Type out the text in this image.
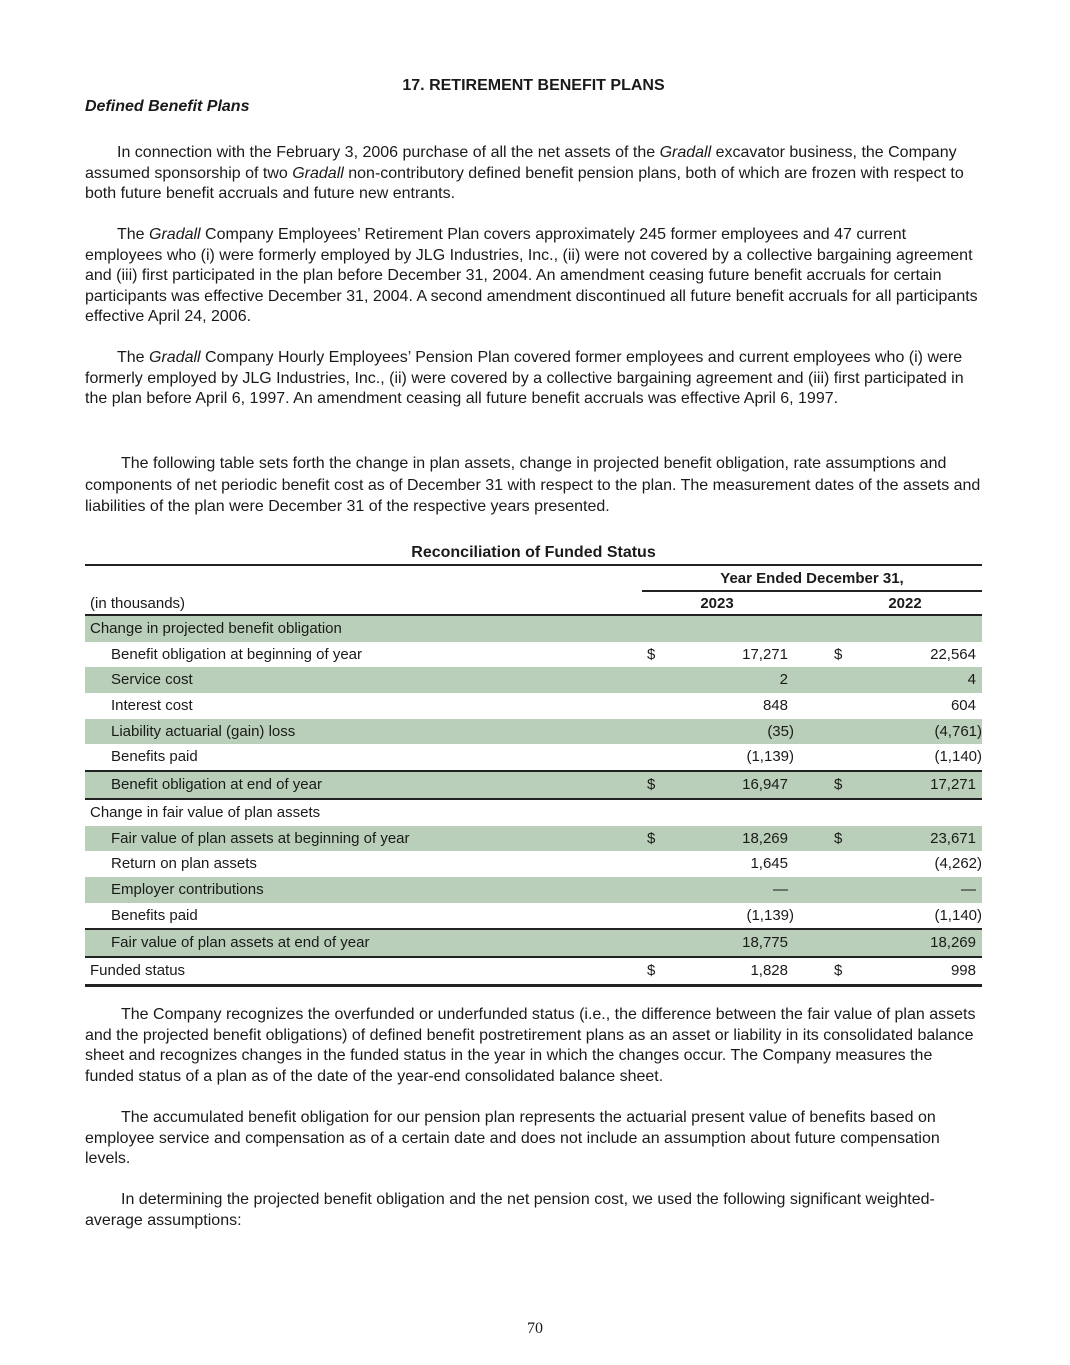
17. RETIREMENT BENEFIT PLANS
Defined Benefit Plans

In connection with the February 3, 2006 purchase of all the net assets of the Gradall excavator business, the Company assumed sponsorship of two Gradall non-contributory defined benefit pension plans, both of which are frozen with respect to both future benefit accruals and future new entrants.

The Gradall Company Employees’ Retirement Plan covers approximately 245 former employees and 47 current employees who (i) were formerly employed by JLG Industries, Inc., (ii) were not covered by a collective bargaining agreement and (iii) first participated in the plan before December 31, 2004. An amendment ceasing future benefit accruals for certain participants was effective December 31, 2004. A second amendment discontinued all future benefit accruals for all participants effective April 24, 2006.

The Gradall Company Hourly Employees’ Pension Plan covered former employees and current employees who (i) were formerly employed by JLG Industries, Inc., (ii) were covered by a collective bargaining agreement and (iii) first participated in the plan before April 6, 1997. An amendment ceasing all future benefit accruals was effective April 6, 1997.

The following table sets forth the change in plan assets, change in projected benefit obligation, rate assumptions and components of net periodic benefit cost as of December 31 with respect to the plan. The measurement dates of the assets and liabilities of the plan were December 31 of the respective years presented.

Reconciliation of Funded Status
Year Ended December 31,
(in thousands)	2023	2022
Change in projected benefit obligation
Benefit obligation at beginning of year	$	17,271	$	22,564
Service cost	2	4
Interest cost	848	604
Liability actuarial (gain) loss	(35)	(4,761)
Benefits paid	(1,139)	(1,140)
Benefit obligation at end of year	$	16,947	$	17,271
Change in fair value of plan assets
Fair value of plan assets at beginning of year	$	18,269	$	23,671
Return on plan assets	1,645	(4,262)
Employer contributions	—	—
Benefits paid	(1,139)	(1,140)
Fair value of plan assets at end of year	18,775	18,269
Funded status	$	1,828	$	998

The Company recognizes the overfunded or underfunded status (i.e., the difference between the fair value of plan assets and the projected benefit obligations) of defined benefit postretirement plans as an asset or liability in its consolidated balance sheet and recognizes changes in the funded status in the year in which the changes occur. The Company measures the funded status of a plan as of the date of the year-end consolidated balance sheet.

The accumulated benefit obligation for our pension plan represents the actuarial present value of benefits based on employee service and compensation as of a certain date and does not include an assumption about future compensation levels.

In determining the projected benefit obligation and the net pension cost, we used the following significant weighted-average assumptions:

70
